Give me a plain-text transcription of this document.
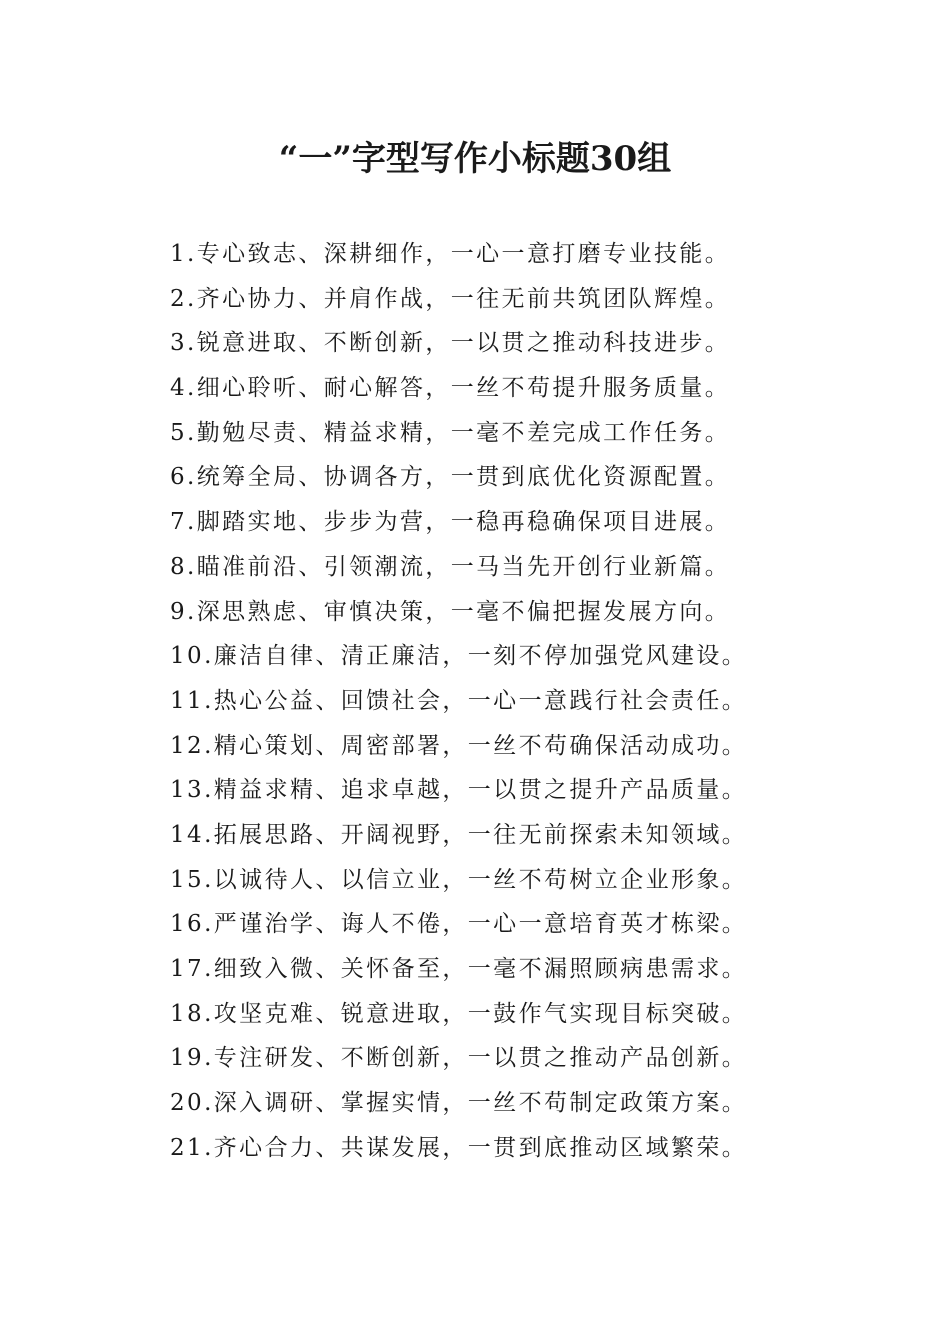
“一”字型写作小标题30组
1.专心致志、深耕细作，一心一意打磨专业技能。
2.齐心协力、并肩作战，一往无前共筑团队辉煌。
3.锐意进取、不断创新，一以贯之推动科技进步。
4.细心聆听、耐心解答，一丝不苟提升服务质量。
5.勤勉尽责、精益求精，一毫不差完成工作任务。
6.统筹全局、协调各方，一贯到底优化资源配置。
7.脚踏实地、步步为营，一稳再稳确保项目进展。
8.瞄准前沿、引领潮流，一马当先开创行业新篇。
9.深思熟虑、审慎决策，一毫不偏把握发展方向。
10.廉洁自律、清正廉洁，一刻不停加强党风建设。
11.热心公益、回馈社会，一心一意践行社会责任。
12.精心策划、周密部署，一丝不苟确保活动成功。
13.精益求精、追求卓越，一以贯之提升产品质量。
14.拓展思路、开阔视野，一往无前探索未知领域。
15.以诚待人、以信立业，一丝不苟树立企业形象。
16.严谨治学、诲人不倦，一心一意培育英才栋梁。
17.细致入微、关怀备至，一毫不漏照顾病患需求。
18.攻坚克难、锐意进取，一鼓作气实现目标突破。
19.专注研发、不断创新，一以贯之推动产品创新。
20.深入调研、掌握实情，一丝不苟制定政策方案。
21.齐心合力、共谋发展，一贯到底推动区域繁荣。
